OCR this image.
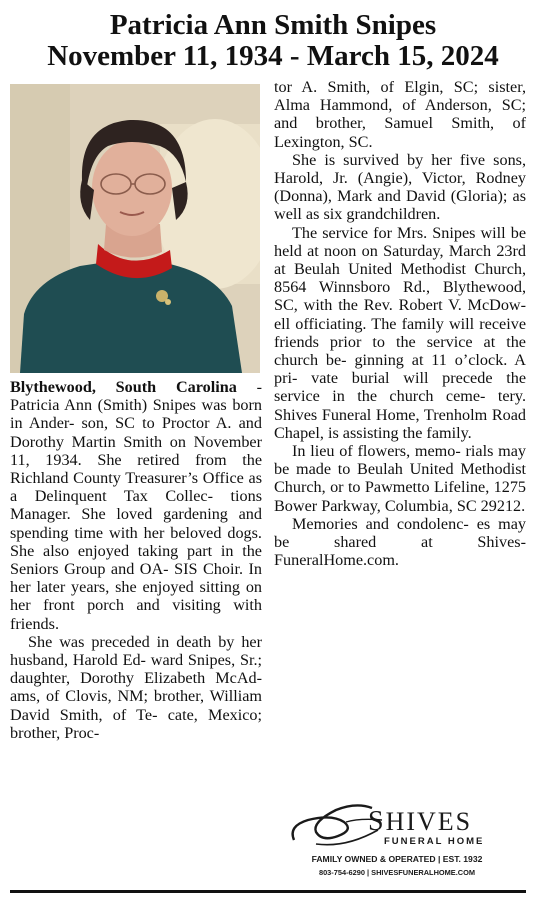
Patricia Ann Smith Snipes
November 11, 1934 - March 15, 2024

Blythewood, South Carolina - Patricia Ann (Smith) Snipes was born in Ander- son, SC to Proctor A. and Dorothy Martin Smith on November 11, 1934. She retired from the Richland County Treasurer’s Office as a Delinquent Tax Collec- tions Manager. She loved gardening and spending time with her beloved dogs. She also enjoyed taking part in the Seniors Group and OA- SIS Choir. In her later years, she enjoyed sitting on her front porch and visiting with friends.

She was preceded in death by her husband, Harold Ed- ward Snipes, Sr.; daughter, Dorothy Elizabeth McAd- ams, of Clovis, NM; brother, William David Smith, of Te- cate, Mexico; brother, Proc-

tor A. Smith, of Elgin, SC; sister, Alma Hammond, of Anderson, SC; and brother, Samuel Smith, of Lexington, SC.

She is survived by her five sons, Harold, Jr. (Angie), Victor, Rodney (Donna), Mark and David (Gloria); as well as six grandchildren.

The service for Mrs. Snipes will be held at noon on Saturday, March 23rd at Beulah United Methodist Church, 8564 Winnsboro Rd., Blythewood, SC, with the Rev. Robert V. McDow- ell officiating. The family will receive friends prior to the service at the church be- ginning at 11 o’clock. A pri- vate burial will precede the service in the church ceme- tery. Shives Funeral Home, Trenholm Road Chapel, is assisting the family.

In lieu of flowers, memo- rials may be made to Beulah United Methodist Church, or to Pawmetto Lifeline, 1275 Bower Parkway, Columbia, SC 29212.

Memories and condolenc- es may be shared at Shives- FuneralHome.com.

SHIVES
FUNERAL HOME
FAMILY OWNED & OPERATED | EST. 1932
803-754-6290 | SHIVESFUNERALHOME.COM
